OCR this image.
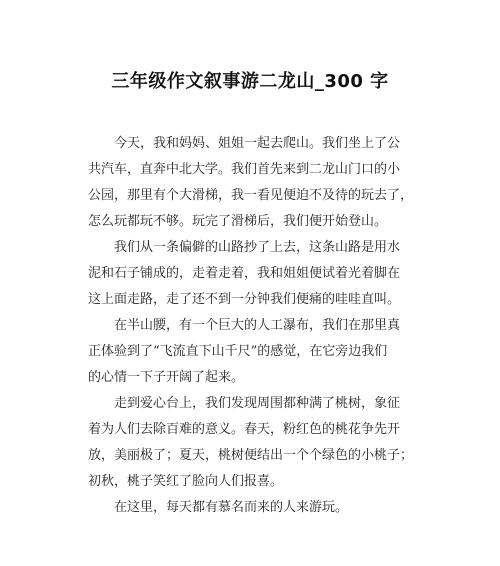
三年级作文叙事游二龙山_300 字
今天，我和妈妈、姐姐一起去爬山。我们坐上了公
共汽车，直奔中北大学。我们首先来到二龙山门口的小
公园，那里有个大滑梯，我一看见便迫不及待的玩去了，
怎么玩都玩不够。玩完了滑梯后，我们便开始登山。
我们从一条偏僻的山路抄了上去，这条山路是用水
泥和石子铺成的，走着走着，我和姐姐便试着光着脚在
这上面走路，走了还不到一分钟我们便痛的哇哇直叫。
在半山腰，有一个巨大的人工瀑布，我们在那里真
正体验到了“飞流直下山千尺”的感觉，在它旁边我们
的心情一下子开阔了起来。
走到爱心台上，我们发现周围都种满了桃树，象征
着为人们去除百难的意义。春天，粉红色的桃花争先开
放，美丽极了；夏天，桃树便结出一个个绿色的小桃子；
初秋，桃子笑红了脸向人们报喜。
在这里，每天都有慕名而来的人来游玩。
